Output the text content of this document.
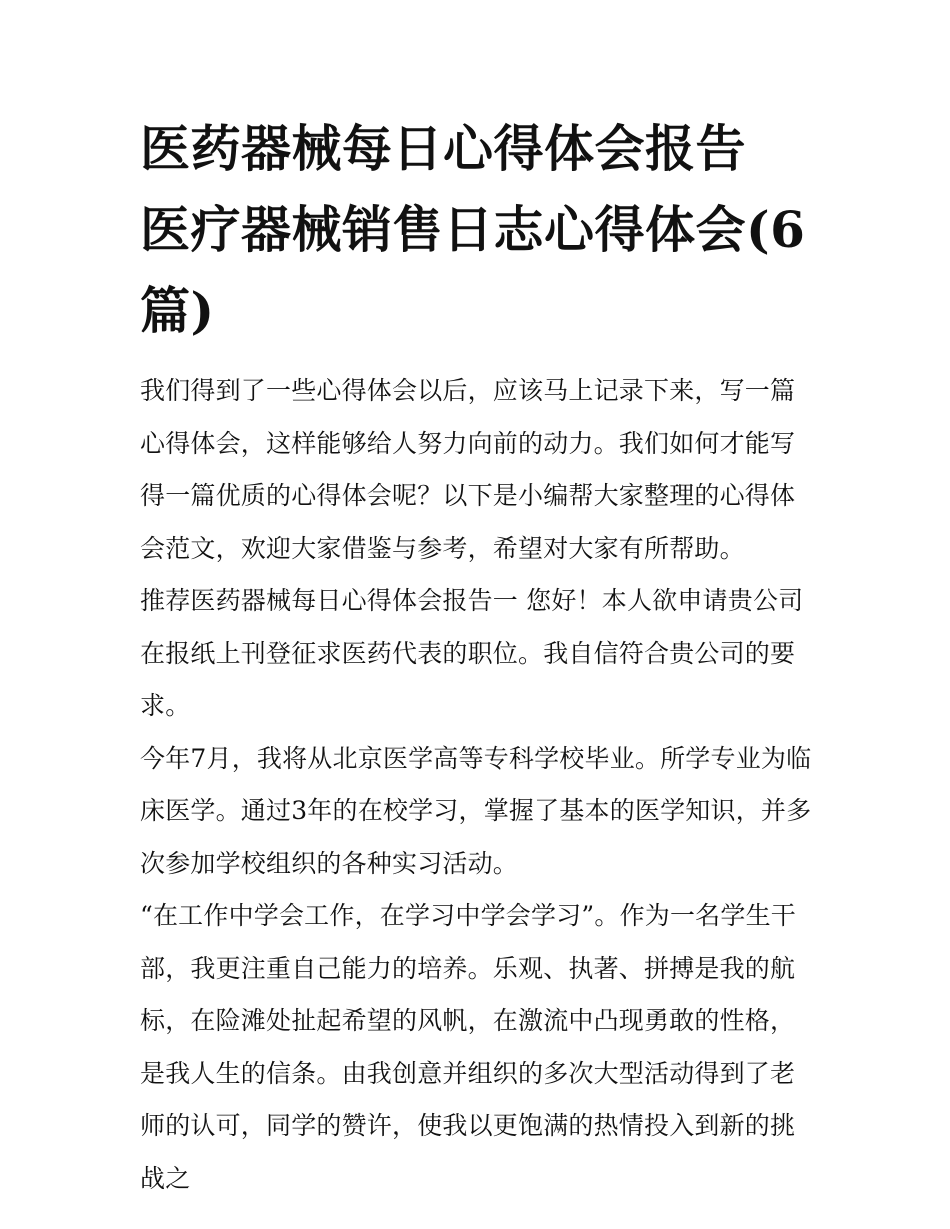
医药器械每日心得体会报告 医疗器械销售日志心得体会(6篇)

我们得到了一些心得体会以后，应该马上记录下来，写一篇心得体会，这样能够给人努力向前的动力。我们如何才能写得一篇优质的心得体会呢？以下是小编帮大家整理的心得体会范文，欢迎大家借鉴与参考，希望对大家有所帮助。

推荐医药器械每日心得体会报告一 您好！本人欲申请贵公司在报纸上刊登征求医药代表的职位。我自信符合贵公司的要求。

今年7月，我将从北京医学高等专科学校毕业。所学专业为临床医学。通过3年的在校学习，掌握了基本的医学知识，并多次参加学校组织的各种实习活动。

“在工作中学会工作，在学习中学会学习”。作为一名学生干部，我更注重自己能力的培养。乐观、执著、拼搏是我的航标，在险滩处扯起希望的风帆，在激流中凸现勇敢的性格，是我人生的信条。由我创意并组织的多次大型活动得到了老师的认可，同学的赞许，使我以更饱满的热情投入到新的挑战之
